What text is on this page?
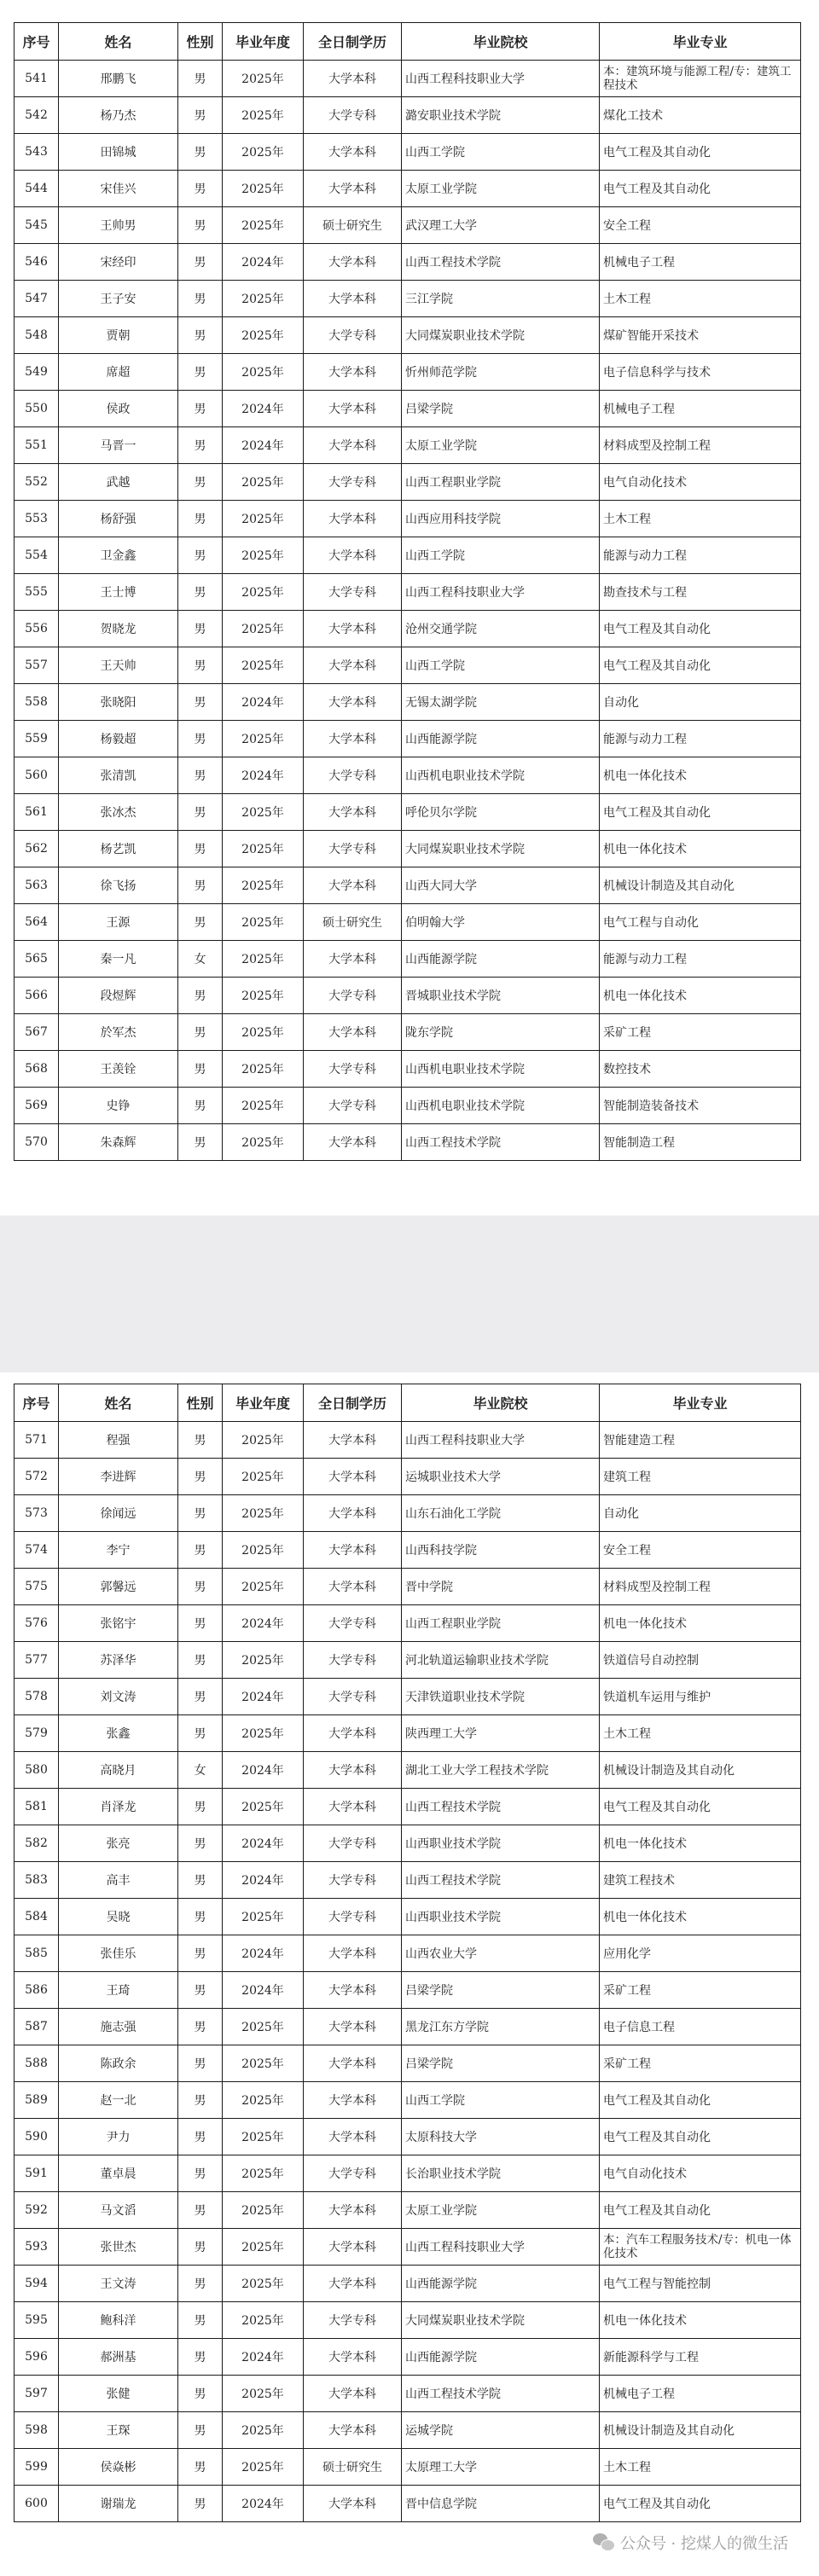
序号	姓名	性别	毕业年度	全日制学历	毕业院校	毕业专业
541	邢鹏飞	男	2025年	大学本科	山西工程科技职业大学	本：建筑环境与能源工程/专：建筑工程技术
542	杨乃杰	男	2025年	大学专科	潞安职业技术学院	煤化工技术
543	田锦城	男	2025年	大学本科	山西工学院	电气工程及其自动化
544	宋佳兴	男	2025年	大学本科	太原工业学院	电气工程及其自动化
545	王帅男	男	2025年	硕士研究生	武汉理工大学	安全工程
546	宋经印	男	2024年	大学本科	山西工程技术学院	机械电子工程
547	王子安	男	2025年	大学本科	三江学院	土木工程
548	贾朝	男	2025年	大学专科	大同煤炭职业技术学院	煤矿智能开采技术
549	席超	男	2025年	大学本科	忻州师范学院	电子信息科学与技术
550	侯政	男	2024年	大学本科	吕梁学院	机械电子工程
551	马晋一	男	2024年	大学本科	太原工业学院	材料成型及控制工程
552	武越	男	2025年	大学专科	山西工程职业学院	电气自动化技术
553	杨舒强	男	2025年	大学本科	山西应用科技学院	土木工程
554	卫金鑫	男	2025年	大学本科	山西工学院	能源与动力工程
555	王士博	男	2025年	大学专科	山西工程科技职业大学	勘查技术与工程
556	贺晓龙	男	2025年	大学本科	沧州交通学院	电气工程及其自动化
557	王天帅	男	2025年	大学本科	山西工学院	电气工程及其自动化
558	张晓阳	男	2024年	大学本科	无锡太湖学院	自动化
559	杨毅超	男	2025年	大学本科	山西能源学院	能源与动力工程
560	张清凯	男	2024年	大学专科	山西机电职业技术学院	机电一体化技术
561	张冰杰	男	2025年	大学本科	呼伦贝尔学院	电气工程及其自动化
562	杨艺凯	男	2025年	大学专科	大同煤炭职业技术学院	机电一体化技术
563	徐飞扬	男	2025年	大学本科	山西大同大学	机械设计制造及其自动化
564	王源	男	2025年	硕士研究生	伯明翰大学	电气工程与自动化
565	秦一凡	女	2025年	大学本科	山西能源学院	能源与动力工程
566	段煜辉	男	2025年	大学专科	晋城职业技术学院	机电一体化技术
567	於军杰	男	2025年	大学本科	陇东学院	采矿工程
568	王羡铨	男	2025年	大学专科	山西机电职业技术学院	数控技术
569	史铮	男	2025年	大学专科	山西机电职业技术学院	智能制造装备技术
570	朱森辉	男	2025年	大学本科	山西工程技术学院	智能制造工程
序号	姓名	性别	毕业年度	全日制学历	毕业院校	毕业专业
571	程强	男	2025年	大学本科	山西工程科技职业大学	智能建造工程
572	李进辉	男	2025年	大学本科	运城职业技术大学	建筑工程
573	徐闻远	男	2025年	大学本科	山东石油化工学院	自动化
574	李宁	男	2025年	大学本科	山西科技学院	安全工程
575	郭馨远	男	2025年	大学本科	晋中学院	材料成型及控制工程
576	张铭宇	男	2024年	大学专科	山西工程职业学院	机电一体化技术
577	苏泽华	男	2025年	大学专科	河北轨道运输职业技术学院	铁道信号自动控制
578	刘文涛	男	2024年	大学专科	天津铁道职业技术学院	铁道机车运用与维护
579	张鑫	男	2025年	大学本科	陕西理工大学	土木工程
580	高晓月	女	2024年	大学本科	湖北工业大学工程技术学院	机械设计制造及其自动化
581	肖泽龙	男	2025年	大学本科	山西工程技术学院	电气工程及其自动化
582	张亮	男	2024年	大学专科	山西职业技术学院	机电一体化技术
583	高丰	男	2024年	大学专科	山西工程技术学院	建筑工程技术
584	吴晓	男	2025年	大学专科	山西职业技术学院	机电一体化技术
585	张佳乐	男	2024年	大学本科	山西农业大学	应用化学
586	王琦	男	2024年	大学本科	吕梁学院	采矿工程
587	施志强	男	2025年	大学本科	黑龙江东方学院	电子信息工程
588	陈政余	男	2025年	大学本科	吕梁学院	采矿工程
589	赵一北	男	2025年	大学本科	山西工学院	电气工程及其自动化
590	尹力	男	2025年	大学本科	太原科技大学	电气工程及其自动化
591	董卓晨	男	2025年	大学专科	长治职业技术学院	电气自动化技术
592	马文滔	男	2025年	大学本科	太原工业学院	电气工程及其自动化
593	张世杰	男	2025年	大学本科	山西工程科技职业大学	本：汽车工程服务技术/专：机电一体化技术
594	王文涛	男	2025年	大学本科	山西能源学院	电气工程与智能控制
595	鲍科洋	男	2025年	大学专科	大同煤炭职业技术学院	机电一体化技术
596	郝洲基	男	2024年	大学本科	山西能源学院	新能源科学与工程
597	张健	男	2025年	大学本科	山西工程技术学院	机械电子工程
598	王琛	男	2025年	大学本科	运城学院	机械设计制造及其自动化
599	侯焱彬	男	2025年	硕士研究生	太原理工大学	土木工程
600	谢瑞龙	男	2024年	大学本科	晋中信息学院	电气工程及其自动化
公众号 · 挖煤人的微生活
